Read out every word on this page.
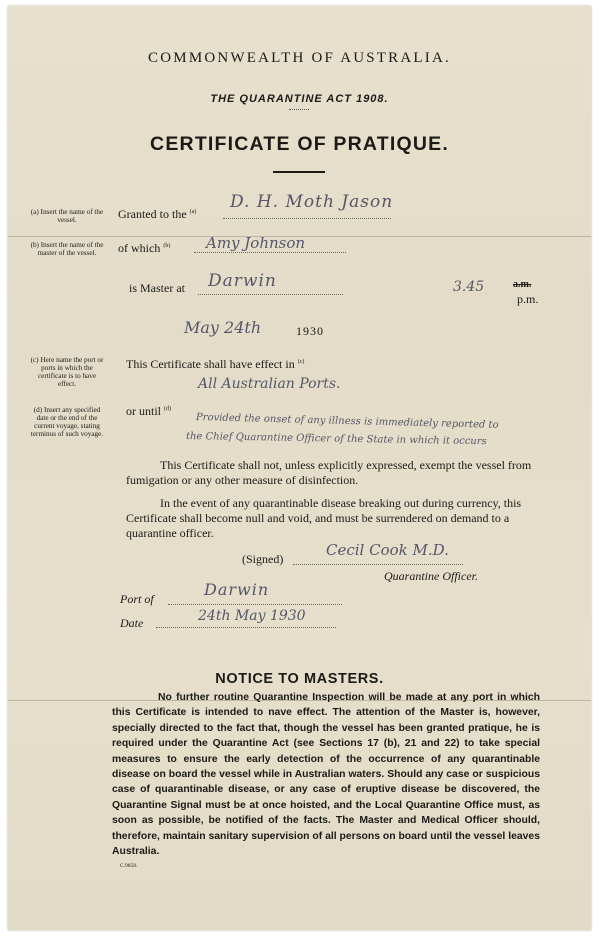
COMMONWEALTH OF AUSTRALIA.
THE QUARANTINE ACT 1908.
CERTIFICATE OF PRATIQUE.
(a) Insert the name of the vessel.	Granted to the $^{(a)}$ D. H. Moth Jason
(b) Insert the name of the master of the vessel.	of which $^{(b)}$ Amy Johnson
is Master at Darwin	3.45	a.m.
p.m.
May 24th	1930
(c) Here name the port or ports in which the certificate is to have effect.
This Certificate shall have effect in $^{(c)}$
All Australian Ports.
(d) Insert any specified date or the end of the current voyage, stating terminus of such voyage.
or until $^{(d)}$
Provided the onset of any illness is immediately reported to
the Chief Quarantine Officer of the State in which it occurs
This Certificate shall not, unless explicitly expressed, exempt the vessel from fumigation or any other measure of disinfection.
In the event of any quarantinable disease breaking out during currency, this Certificate shall become null and void, and must be surrendered on demand to a quarantine officer.
(Signed)	Cecil Cook M.D.
Quarantine Officer.
Port of	Darwin
Date	24th May 1930
NOTICE TO MASTERS.
No further routine Quarantine Inspection will be made at any port in which this Certificate is intended to nave effect. The attention of the Master is, however, specially directed to the fact that, though the vessel has been granted pratique, he is required under the Quarantine Act (see Sections 17 (b), 21 and 22) to take special measures to ensure the early detection of the occurrence of any quarantinable disease on board the vessel while in Australian waters. Should any case or suspicious case of quarantinable disease, or any case of eruptive disease be discovered, the Quarantine Signal must be at once hoisted, and the Local Quarantine Office must, as soon as possible, be notified of the facts. The Master and Medical Officer should, therefore, maintain sanitary supervision of all persons on board until the vessel leaves Australia.
C.9858.
